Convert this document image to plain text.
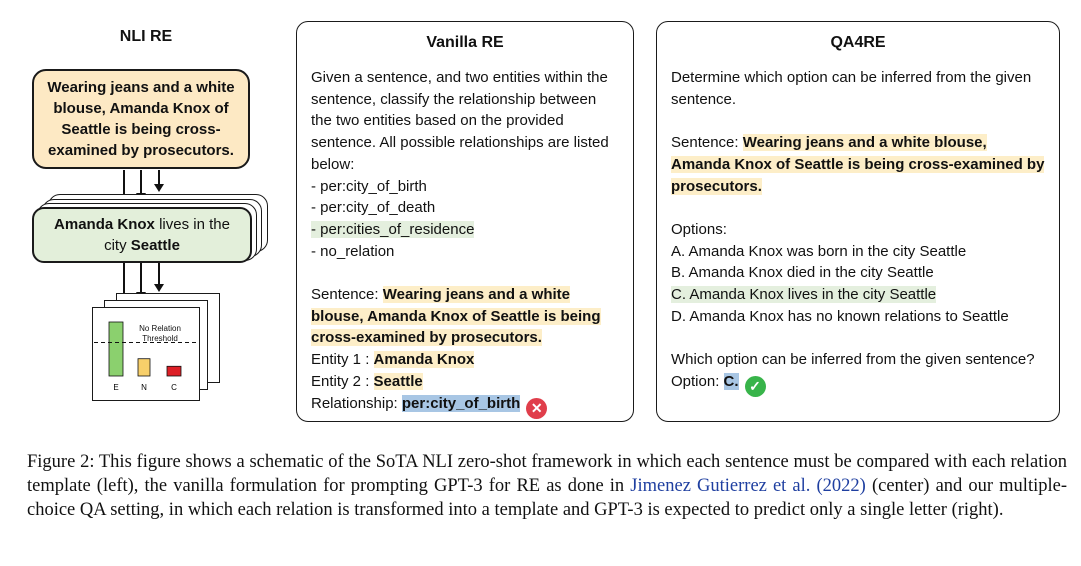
NLI RE
Wearing jeans and a white blouse, Amanda Knox of Seattle is being cross-examined by prosecutors.
Amanda Knox lives in the city Seattle
No Relation
Threshold
E	N	C
Vanilla RE

Given a sentence, and two entities within the sentence, classify the relationship between the two entities based on the provided sentence. All possible relationships are listed below:

- per:city_of_birth

- per:city_of_death

- per:cities_of_residence

- no_relation

Sentence: Wearing jeans and a white blouse, Amanda Knox of Seattle is being cross-examined by prosecutors.

Entity 1 : Amanda Knox

Entity 2 : Seattle

Relationship: per:city_of_birth ✕

QA4RE

Determine which option can be inferred from the given sentence.

Sentence: Wearing jeans and a white blouse, Amanda Knox of Seattle is being cross-examined by prosecutors.

Options:

A. Amanda Knox was born in the city Seattle

B. Amanda Knox died in the city Seattle

C. Amanda Knox lives in the city Seattle

D. Amanda Knox has no known relations to Seattle

Which option can be inferred from the given sentence?

Option: C. ✓

Figure 2: This figure shows a schematic of the SoTA NLI zero-shot framework in which each sentence must be compared with each relation template (left), the vanilla formulation for prompting GPT-3 for RE as done in Jimenez Gutierrez et al. (2022) (center) and our multiple-choice QA setting, in which each relation is transformed into a template and GPT-3 is expected to predict only a single letter (right).
